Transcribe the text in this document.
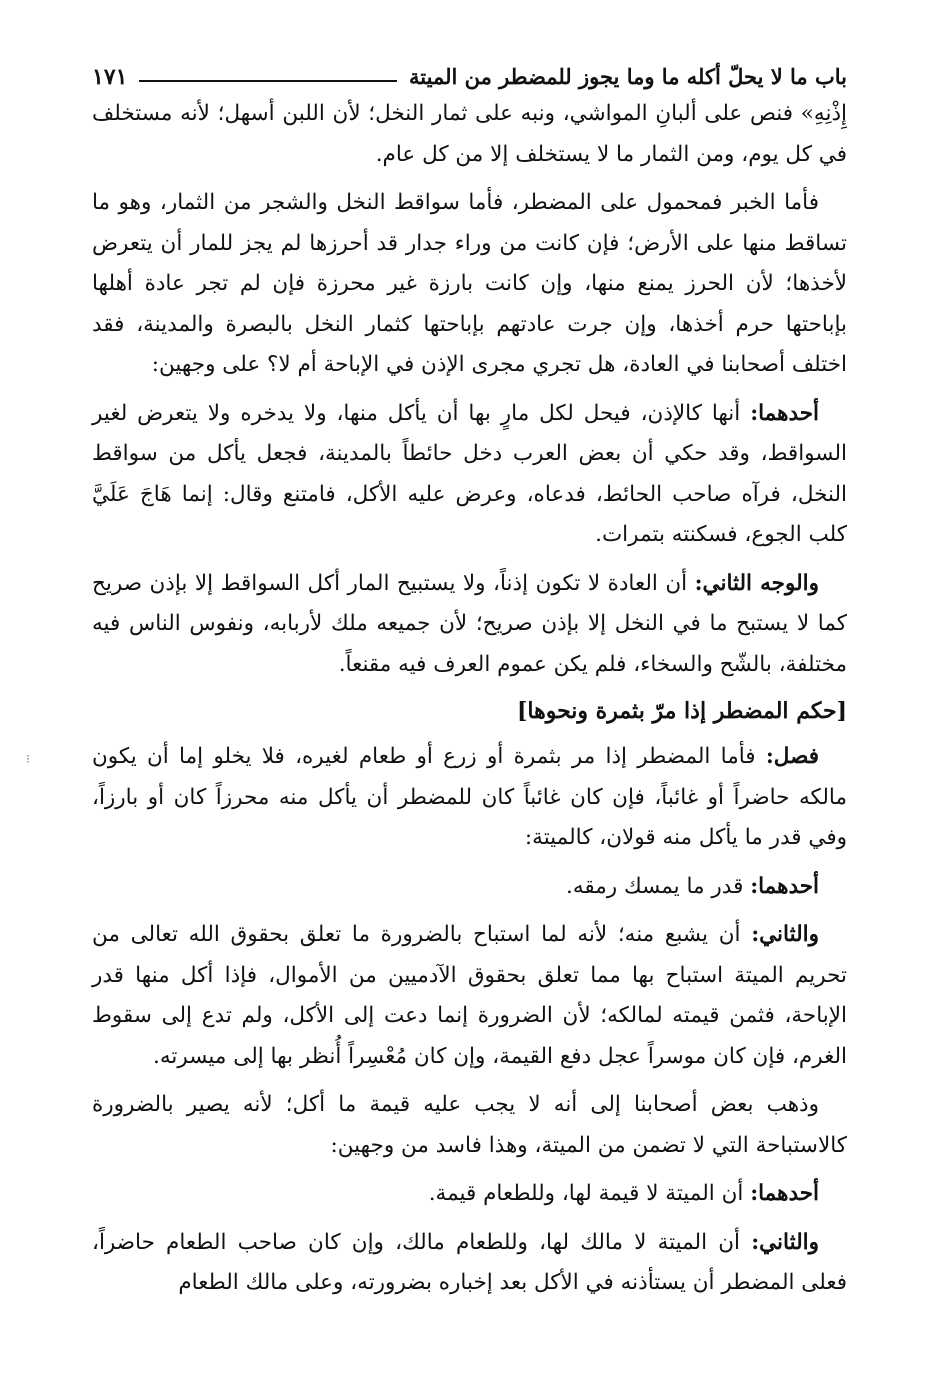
باب ما لا يحلّ أكله ما وما يجوز للمضطر من الميتة
١٧١

إِذْنِهِ» فنص على ألبانِ المواشي، ونبه على ثمار النخل؛ لأن اللبن أسهل؛ لأنه مستخلف في كل يوم، ومن الثمار ما لا يستخلف إلا من كل عام.

فأما الخبر فمحمول على المضطر، فأما سواقط النخل والشجر من الثمار، وهو ما تساقط منها على الأرض؛ فإن كانت من وراء جدار قد أحرزها لم يجز للمار أن يتعرض لأخذها؛ لأن الحرز يمنع منها، وإن كانت بارزة غير محرزة فإن لم تجر عادة أهلها بإباحتها حرم أخذها، وإن جرت عادتهم بإباحتها كثمار النخل بالبصرة والمدينة، فقد اختلف أصحابنا في العادة، هل تجري مجرى الإذن في الإباحة أم لا؟ على وجهين:

أحدهما: أنها كالإذن، فيحل لكل مارٍ بها أن يأكل منها، ولا يدخره ولا يتعرض لغير السواقط، وقد حكي أن بعض العرب دخل حائطاً بالمدينة، فجعل يأكل من سواقط النخل، فرآه صاحب الحائط، فدعاه، وعرض عليه الأكل، فامتنع وقال: إنما هَاجَ عَلَيَّ كلب الجوع، فسكنته بتمرات.

والوجه الثاني: أن العادة لا تكون إذناً، ولا يستبيح المار أكل السواقط إلا بإذن صريح كما لا يستبح ما في النخل إلا بإذن صريح؛ لأن جميعه ملك لأربابه، ونفوس الناس فيه مختلفة، بالشّح والسخاء، فلم يكن عموم العرف فيه مقنعاً.

[حكم المضطر إذا مرّ بثمرة ونحوها]

فصل: فأما المضطر إذا مر بثمرة أو زرع أو طعام لغيره، فلا يخلو إما أن يكون مالكه حاضراً أو غائباً، فإن كان غائباً كان للمضطر أن يأكل منه محرزاً كان أو بارزاً، وفي قدر ما يأكل منه قولان، كالميتة:

أحدهما: قدر ما يمسك رمقه.

والثاني: أن يشبع منه؛ لأنه لما استباح بالضرورة ما تعلق بحقوق الله تعالى من تحريم الميتة استباح بها مما تعلق بحقوق الآدميين من الأموال، فإذا أكل منها قدر الإباحة، فثمن قيمته لمالكه؛ لأن الضرورة إنما دعت إلى الأكل، ولم تدع إلى سقوط الغرم، فإن كان موسراً عجل دفع القيمة، وإن كان مُعْسِراً أُنظر بها إلى ميسرته.

وذهب بعض أصحابنا إلى أنه لا يجب عليه قيمة ما أكل؛ لأنه يصير بالضرورة كالاستباحة التي لا تضمن من الميتة، وهذا فاسد من وجهين:

أحدهما: أن الميتة لا قيمة لها، وللطعام قيمة.

والثاني: أن الميتة لا مالك لها، وللطعام مالك، وإن كان صاحب الطعام حاضراً، فعلى المضطر أن يستأذنه في الأكل بعد إخباره بضرورته، وعلى مالك الطعام

⁝
